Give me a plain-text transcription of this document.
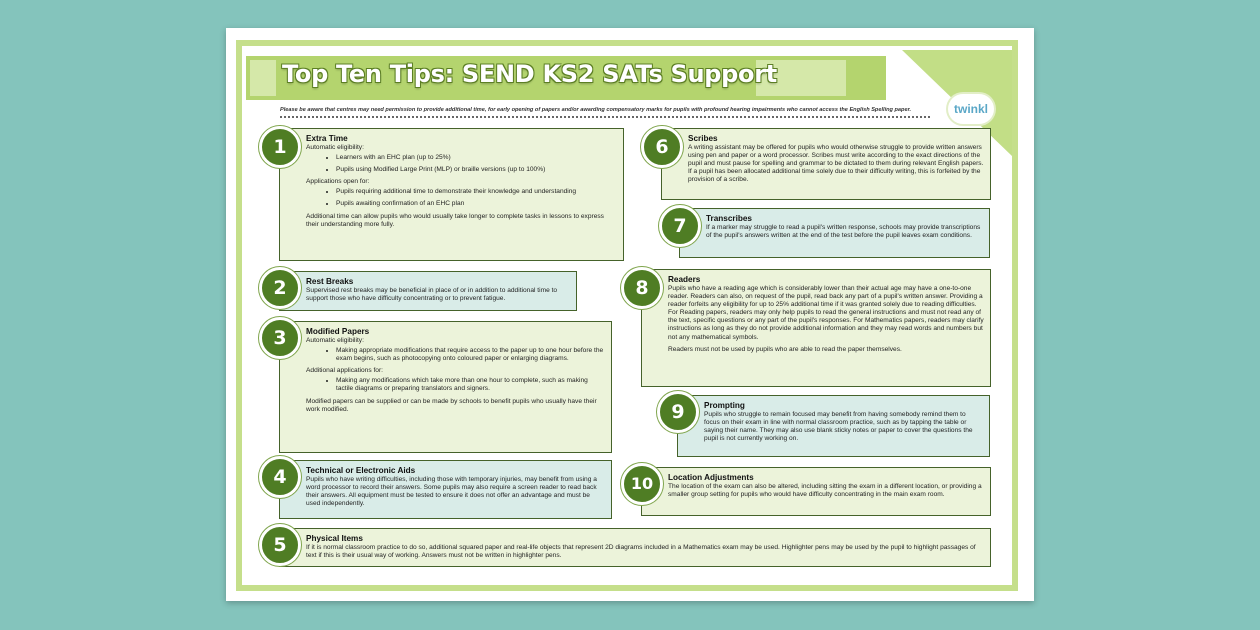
Top Ten Tips: SEND KS2 SATs Support
twinkl
Please be aware that centres may need permission to provide additional time, for early opening of papers and/or awarding compensatory marks for pupils with profound hearing impairments who cannot access the English Spelling paper.
Extra Time

Automatic eligibility:

• Learners with an EHC plan (up to 25%)
• Pupils using Modified Large Print (MLP) or braille versions (up to 100%)

Applications open for:

• Pupils requiring additional time to demonstrate their knowledge and understanding
• Pupils awaiting confirmation of an EHC plan

Additional time can allow pupils who would usually take longer to complete tasks in lessons to express their understanding more fully.

1
Rest Breaks

Supervised rest breaks may be beneficial in place of or in addition to additional time to support those who have difficulty concentrating or to prevent fatigue.

2
Modified Papers

Automatic eligibility:

• Making appropriate modifications that require access to the paper up to one hour before the exam begins, such as photocopying onto coloured paper or enlarging diagrams.

Additional applications for:

• Making any modifications which take more than one hour to complete, such as making tactile diagrams or preparing translators and signers.

Modified papers can be supplied or can be made by schools to benefit pupils who usually have their work modified.

3
Technical or Electronic Aids

Pupils who have writing difficulties, including those with temporary injuries, may benefit from using a word processor to record their answers. Some pupils may also require a screen reader to read back their answers. All equipment must be tested to ensure it does not offer an advantage and must be used independently.

4
Physical Items

If it is normal classroom practice to do so, additional squared paper and real-life objects that represent 2D diagrams included in a Mathematics exam may be used. Highlighter pens may be used by the pupil to highlight passages of text if this is their usual way of working. Answers must not be written in highlighter pens.

5
Scribes

A writing assistant may be offered for pupils who would otherwise struggle to provide written answers using pen and paper or a word processor. Scribes must write according to the exact directions of the pupil and must pause for spelling and grammar to be dictated to them during relevant English papers. If a pupil has been allocated additional time solely due to their difficulty writing, this is forfeited by the provision of a scribe.

6
Transcribes

If a marker may struggle to read a pupil's written response, schools may provide transcriptions of the pupil's answers written at the end of the test before the pupil leaves exam conditions.

7
Readers

Pupils who have a reading age which is considerably lower than their actual age may have a one-to-one reader. Readers can also, on request of the pupil, read back any part of a pupil's written answer. Providing a reader forfeits any eligibility for up to 25% additional time if it was granted solely due to reading difficulties. For Reading papers, readers may only help pupils to read the general instructions and must not read any of the text, specific questions or any part of the pupil's responses. For Mathematics papers, readers may clarify instructions as long as they do not provide additional information and they may read words and numbers but not any mathematical symbols.

Readers must not be used by pupils who are able to read the paper themselves.

8
Prompting

Pupils who struggle to remain focused may benefit from having somebody remind them to focus on their exam in line with normal classroom practice, such as by tapping the table or saying their name. They may also use blank sticky notes or paper to cover the questions the pupil is not currently working on.

9
Location Adjustments

The location of the exam can also be altered, including sitting the exam in a different location, or providing a smaller group setting for pupils who would have difficulty concentrating in the main exam room.

10
